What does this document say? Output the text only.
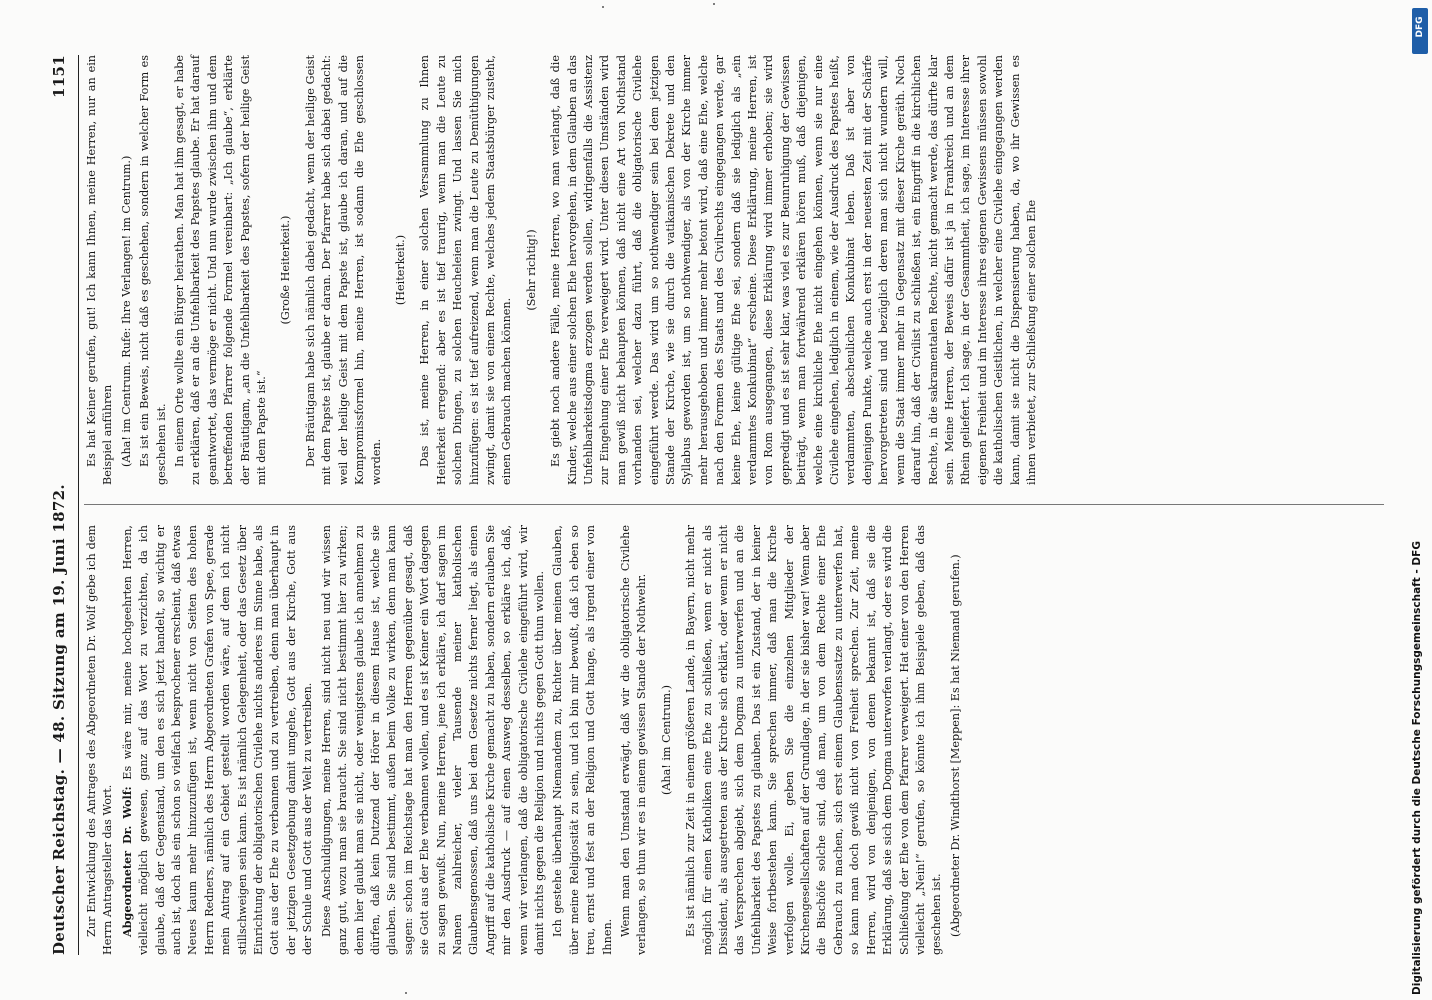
Deutscher Reichstag. — 48. Sitzung am 19. Juni 1872.
1151

Zur Entwicklung des Antrages des Abgeordneten Dr. Wolf gebe ich dem Herrn Antragsteller das Wort. Abgeordneter Dr. Wolf: Es wäre mir, meine hochgeehrten Herren, vielleicht möglich gewesen, ganz auf das Wort zu verzichten, da ich glaube, daß der Gegenstand, um den es sich jetzt handelt, so wichtig er auch ist, doch als ein schon so vielfach besprochener erscheint, daß etwas Neues kaum mehr hinzuzufügen ist, wenn nicht von Seiten des hohen Herrn Redners, nämlich des Herrn Abgeordneten Grafen von Spee, gerade mein Antrag auf ein Gebiet gestellt worden wäre, auf dem ich nicht stillschweigen sein kann. Es ist nämlich Gelegenheit, oder das Gesetz über Einrichtung der obligatorischen Civilehe nichts anderes im Sinne habe, als Gott aus der Ehe zu verbannen und zu vertreiben, denn man überhaupt in der jetzigen Gesetzgebung damit umgehe, Gott aus der Kirche, Gott aus der Schule und Gott aus der Welt zu vertreiben. Diese Anschuldigungen, meine Herren, sind nicht neu und wir wissen ganz gut, wozu man sie braucht. Sie sind nicht bestimmt hier zu wirken; denn hier glaubt man sie nicht, oder wenigstens glaube ich annehmen zu dürfen, daß kein Dutzend der Hörer in diesem Hause ist, welche sie glauben. Sie sind bestimmt, außen beim Volke zu wirken, denn man kann sagen: schon im Reichstage hat man den Herren gegenüber gesagt, daß sie Gott aus der Ehe verbannen wollen, und es ist Keiner ein Wort dagegen zu sagen gewußt. Nun, meine Herren, jene ich erkläre, ich darf sagen im Namen zahlreicher, vieler Tausende meiner katholischen Glaubensgenossen, daß uns bei dem Gesetze nichts ferner liegt, als einen Angriff auf die katholische Kirche gemacht zu haben, sondern erlauben Sie mir den Ausdruck — auf einen Ausweg desselben, so erkläre ich, daß, wenn wir verlangen, daß die obligatorische Civilehe eingeführt wird, wir damit nichts gegen die Religion und nichts gegen Gott thun wollen. Ich gestehe überhaupt Niemandem zu, Richter über meinen Glauben, über meine Religiosität zu sein, und ich bin mir bewußt, daß ich eben so treu, ernst und fest an der Religion und Gott hange, als irgend einer von Ihnen. Wenn man den Umstand erwägt, daß wir die obligatorische Civilehe verlangen, so thun wir es in einem gewissen Stande der Nothwehr. (Aha! im Centrum.) Es ist nämlich zur Zeit in einem größeren Lande, in Bayern, nicht mehr möglich für einen Katholiken eine Ehe zu schließen, wenn er nicht als Dissident, als ausgetreten aus der Kirche sich erklärt, oder wenn er nicht das Versprechen abgiebt, sich dem Dogma zu unterwerfen und an die Unfehlbarkeit des Papstes zu glauben. Das ist ein Zustand, der in keiner Weise fortbestehen kann. Sie sprechen immer, daß man die Kirche verfolgen wolle. Ei, geben Sie die einzelnen Mitglieder der Kirchengesellschaften auf der Grundlage, in der sie bisher war! Wenn aber die Bischöfe solche sind, daß man, um von dem Rechte einer Ehe Gebrauch zu machen, sich erst einem Glaubenssatze zu unterwerfen hat, so kann man doch gewiß nicht von Freiheit sprechen. Zur Zeit, meine Herren, wird von denjenigen, von denen bekannt ist, daß sie die Erklärung, daß sie sich dem Dogma unterworfen verlangt, oder es wird die Schließung der Ehe von dem Pfarrer verweigert. Hat einer von den Herren vielleicht „Nein!“ gerufen, so könnte ich ihm Beispiele geben, daß das geschehen ist. (Abgeordneter Dr. Windthorst [Meppen]: Es hat Niemand gerufen.)

Es hat Keiner gerufen, gut! Ich kann Ihnen, meine Herren, nur an ein Beispiel anführen (Aha! im Centrum. Rufe: Ihre Verlangen! im Centrum.) Es ist ein Beweis, nicht daß es geschehen, sondern in welcher Form es geschehen ist. In einem Orte wollte ein Bürger heirathen. Man hat ihm gesagt, er habe zu erklären, daß er an die Unfehlbarkeit des Papstes glaube. Er hat darauf geantwortet, das vermöge er nicht. Und nun wurde zwischen ihm und dem betreffenden Pfarrer folgende Formel vereinbart: „Ich glaube“, erklärte der Bräutigam, „an die Unfehlbarkeit des Papstes, sofern der heilige Geist mit dem Papste ist.“

(Große Heiterkeit.) Der Bräutigam habe sich nämlich dabei gedacht, wenn der heilige Geist mit dem Papste ist, glaube er daran. Der Pfarrer habe sich dabei gedacht: weil der heilige Geist mit dem Papste ist, glaube ich daran, und auf die Kompromissformel hin, meine Herren, ist sodann die Ehe geschlossen worden.

(Heiterkeit.) Das ist, meine Herren, in einer solchen Versammlung zu Ihnen Heiterkeit erregend: aber es ist tief traurig, wenn man die Leute zu solchen Dingen, zu solchen Heucheleien zwingt. Und lassen Sie mich hinzufügen: es ist tief aufreizend, wenn man die Leute zu Demüthigungen zwingt, damit sie von einem Rechte, welches jedem Staatsbürger zusteht, einen Gebrauch machen können.

(Sehr richtig!) Es giebt noch andere Fälle, meine Herren, wo man verlangt, daß die Kinder, welche aus einer solchen Ehe hervorgehen, in dem Glauben an das Unfehlbarkeitsdogma erzogen werden sollen, widrigenfalls die Assistenz zur Eingehung einer Ehe verweigert wird. Unter diesen Umständen wird man gewiß nicht behaupten können, daß nicht eine Art von Nothstand vorhanden sei, welcher dazu führt, daß die obligatorische Civilehe eingeführt werde. Das wird um so nothwendiger sein bei dem jetzigen Stande der Kirche, wie sie durch die vatikanischen Dekrete und den Syllabus geworden ist, um so nothwendiger, als von der Kirche immer mehr herausgehoben und immer mehr betont wird, daß eine Ehe, welche nach den Formen des Staats und des Civilrechts eingegangen werde, gar keine Ehe, keine gültige Ehe sei, sondern daß sie lediglich als „ein verdammtes Konkubinat“ erscheine. Diese Erklärung, meine Herren, ist von Rom ausgegangen, diese Erklärung wird immer erhoben; sie wird gepredigt und es ist sehr klar, was viel es zur Beunruhigung der Gewissen beiträgt, wenn man fortwährend erklären hören muß, daß diejenigen, welche eine kirchliche Ehe nicht eingehen können, wenn sie nur eine Civilehe eingehen, lediglich in einem, wie der Ausdruck des Papstes heißt, verdammten, abscheulichen Konkubinat leben. Daß ist aber von denjenigen Punkte, welche auch erst in der neuesten Zeit mit der Schärfe hervorgetreten sind und bezüglich deren man sich nicht wundern will, wenn die Staat immer mehr in Gegensatz mit dieser Kirche geräth. Noch darauf hin, daß der Civilist zu schließen ist, ein Eingriff in die kirchlichen Rechte, in die sakramentalen Rechte, nicht gemacht werde, das dürfte klar sein. Meine Herren, der Beweis dafür ist ja in Frankreich und an dem Rhein geliefert. Ich sage, in der Gesammtheit, ich sage, im Interesse ihrer eigenen Freiheit und im Interesse ihres eigenen Gewissens müssen sowohl die katholischen Geistlichen, in welcher eine Civilehe eingegangen werden kann, damit sie nicht die Dispensierung haben, da, wo ihr Gewissen es ihnen verbietet, zur Schließung einer solchen Ehe

Digitalisierung gefördert durch die Deutsche Forschungsgemeinschaft - DFG
DFG
